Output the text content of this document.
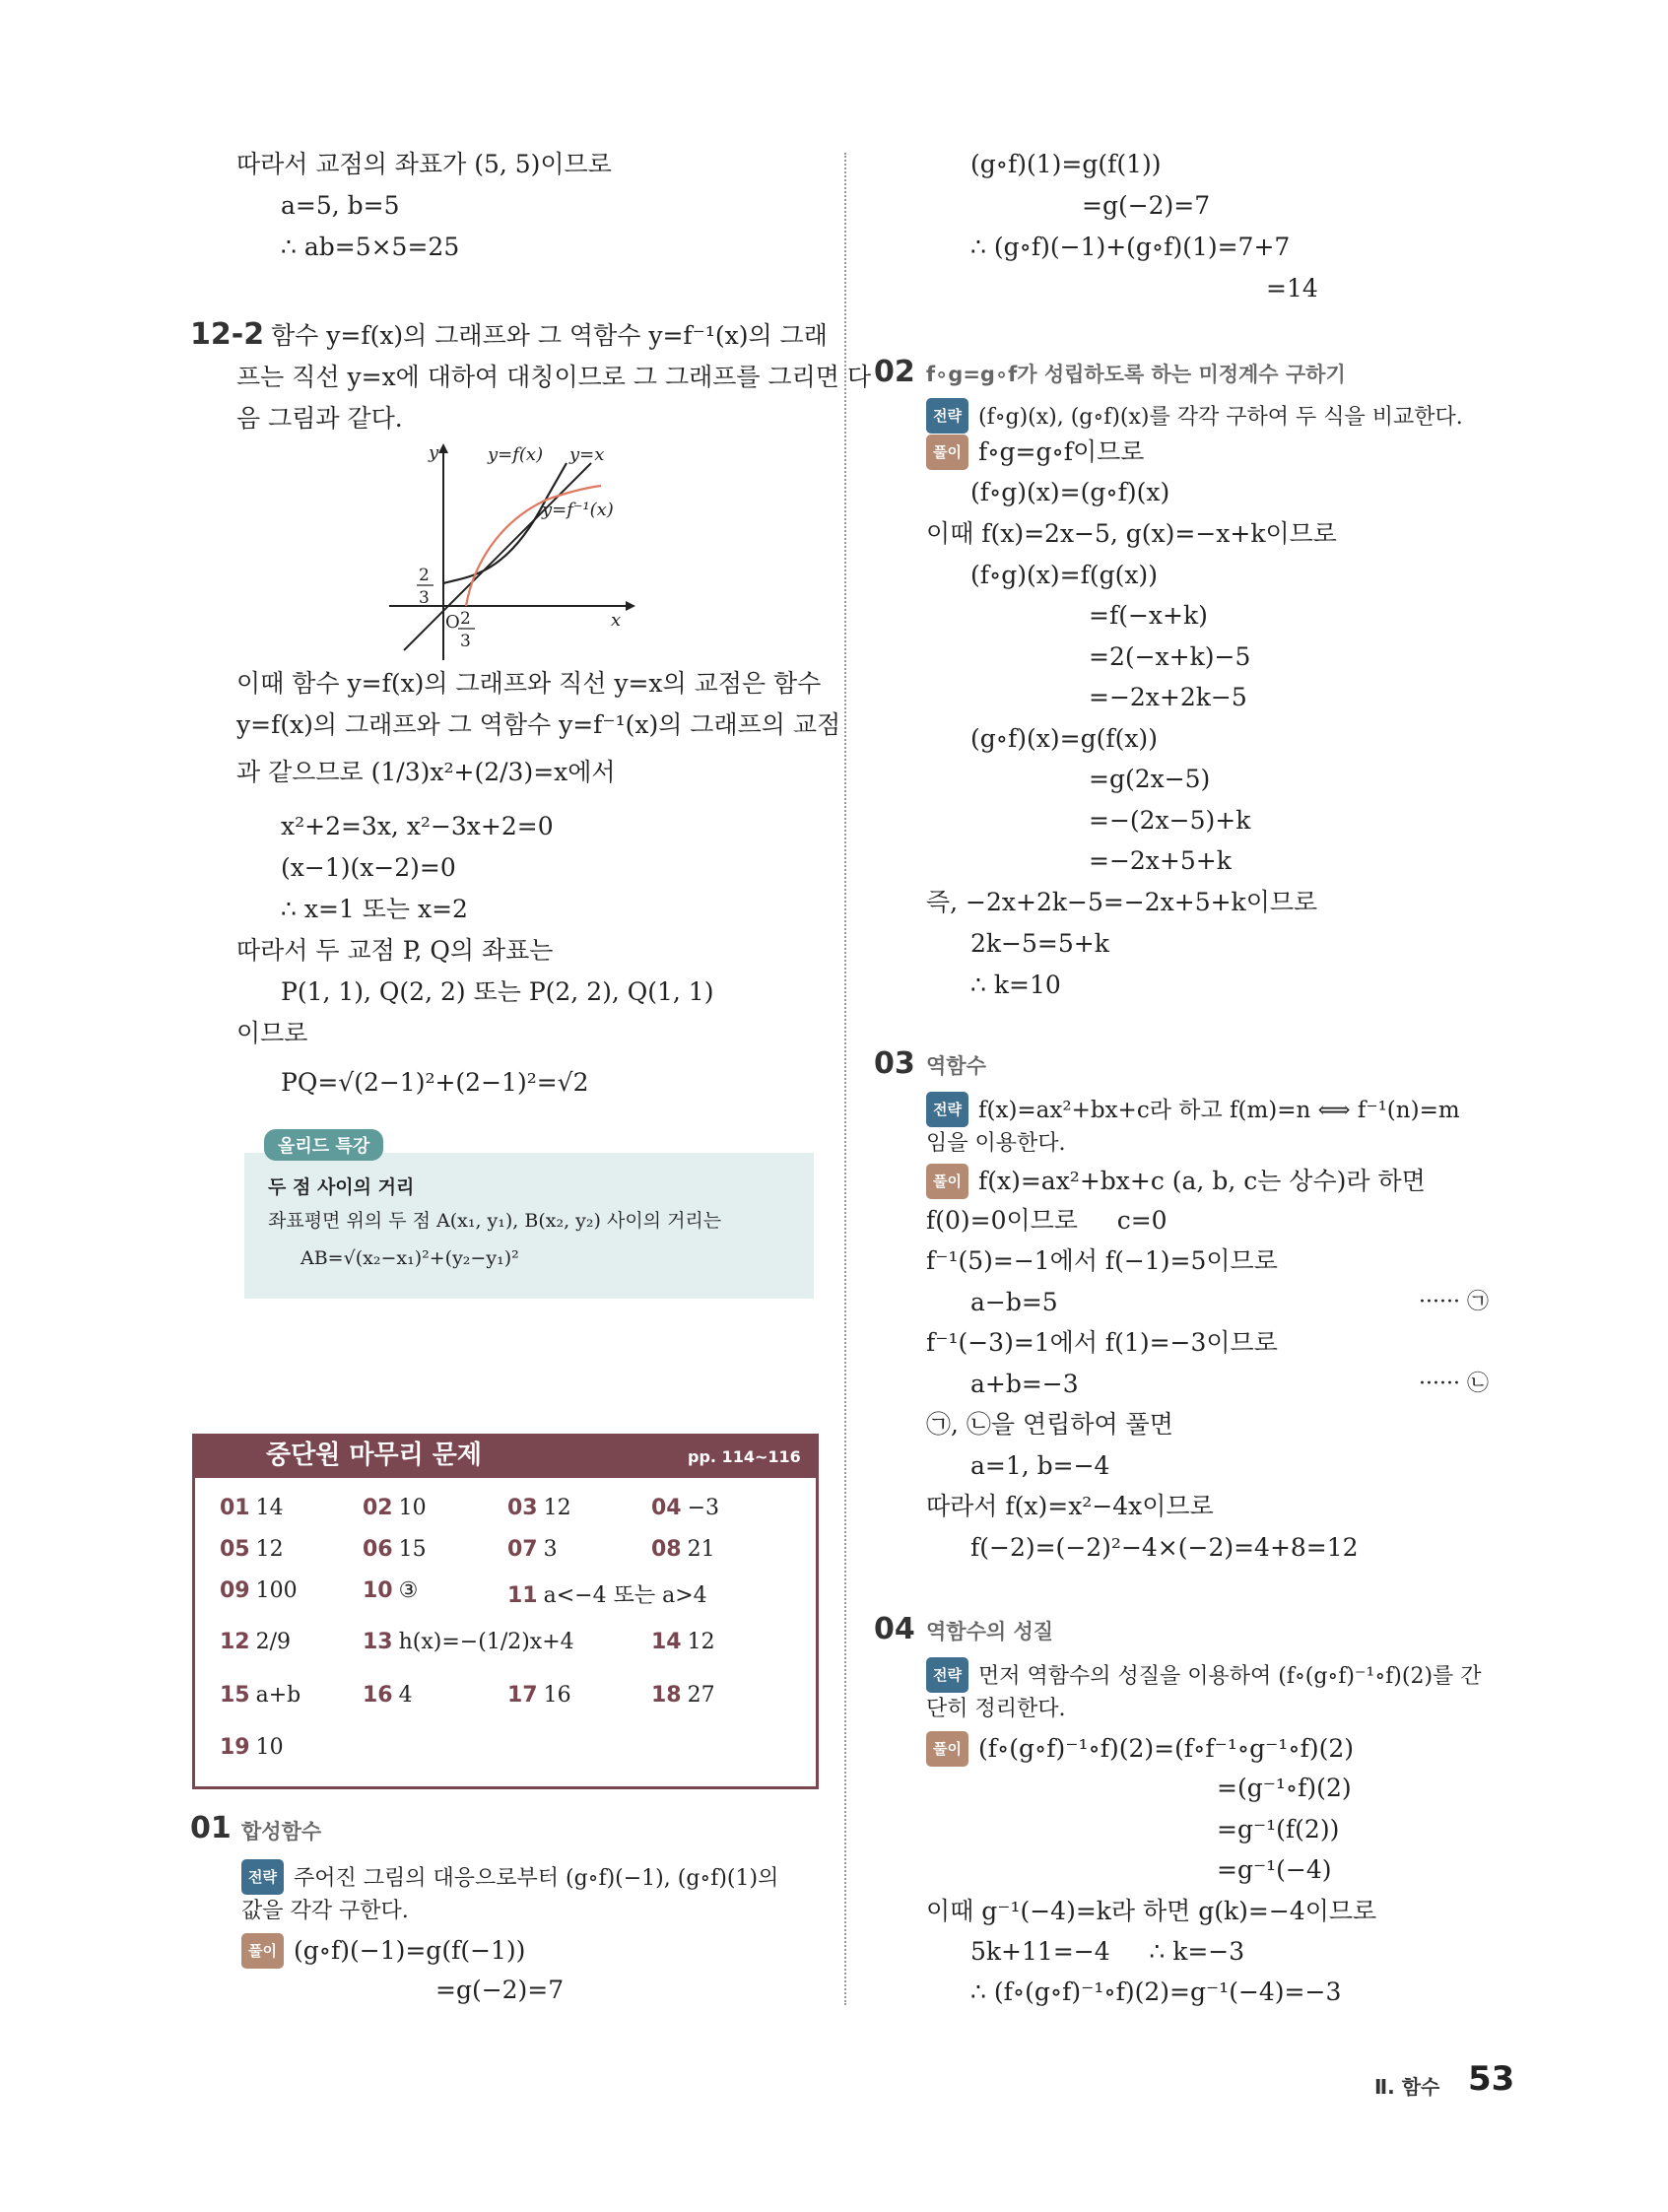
따라서 교점의 좌표가 (5, 5)이므로
a=5, b=5
∴ ab=5×5=25
12-2 함수 y=f(x)의 그래프와 그 역함수 y=f⁻¹(x)의 그래
프는 직선 y=x에 대하여 대칭이므로 그 그래프를 그리면 다
음 그림과 같다.
y
x
O
y=f(x) y=x
y=f⁻¹(x)
2
3
2
3
이때 함수 y=f(x)의 그래프와 직선 y=x의 교점은 함수
y=f(x)의 그래프와 그 역함수 y=f⁻¹(x)의 그래프의 교점
과 같으므로 (1/3)x²+(2/3)=x에서
x²+2=3x, x²−3x+2=0
(x−1)(x−2)=0
∴ x=1 또는 x=2
따라서 두 교점 P, Q의 좌표는
P(1, 1), Q(2, 2) 또는 P(2, 2), Q(1, 1)
이므로
PQ=√(2−1)²+(2−1)²=√2
올리드 특강
두 점 사이의 거리
좌표평면 위의 두 점 A(x₁, y₁), B(x₂, y₂) 사이의 거리는
AB=√(x₂−x₁)²+(y₂−y₁)²
중단원 마무리 문제	pp. 114~116
01 14	02 10	03 12	04 −3
05 12	06 15	07 3	08 21
09 100	10 ③	11 a<−4 또는 a>4
12 2/9	13 h(x)=−(1/2)x+4	14 12
15 a+b	16 4	17 16	18 27
19 10
01 합성함수
전략 주어진 그림의 대응으로부터 (g∘f)(−1), (g∘f)(1)의
값을 각각 구한다.
풀이 (g∘f)(−1)=g(f(−1))
=g(−2)=7
(g∘f)(1)=g(f(1))
=g(−2)=7
∴ (g∘f)(−1)+(g∘f)(1)=7+7
=14
02 f∘g=g∘f가 성립하도록 하는 미정계수 구하기
전략 (f∘g)(x), (g∘f)(x)를 각각 구하여 두 식을 비교한다.
풀이 f∘g=g∘f이므로
(f∘g)(x)=(g∘f)(x)
이때 f(x)=2x−5, g(x)=−x+k이므로
(f∘g)(x)=f(g(x))
=f(−x+k)
=2(−x+k)−5
=−2x+2k−5
(g∘f)(x)=g(f(x))
=g(2x−5)
=−(2x−5)+k
=−2x+5+k
즉, −2x+2k−5=−2x+5+k이므로
2k−5=5+k
∴ k=10
03 역함수
전략 f(x)=ax²+bx+c라 하고 f(m)=n ⟺ f⁻¹(n)=m
임을 이용한다.
풀이 f(x)=ax²+bx+c (a, b, c는 상수)라 하면
f(0)=0이므로     c=0
f⁻¹(5)=−1에서 f(−1)=5이므로
a−b=5	······ ㉠
f⁻¹(−3)=1에서 f(1)=−3이므로
a+b=−3	······ ㉡
㉠, ㉡을 연립하여 풀면
a=1, b=−4
따라서 f(x)=x²−4x이므로
f(−2)=(−2)²−4×(−2)=4+8=12
04 역함수의 성질
전략 먼저 역함수의 성질을 이용하여 (f∘(g∘f)⁻¹∘f)(2)를 간
단히 정리한다.
풀이 (f∘(g∘f)⁻¹∘f)(2)=(f∘f⁻¹∘g⁻¹∘f)(2)
=(g⁻¹∘f)(2)
=g⁻¹(f(2))
=g⁻¹(−4)
이때 g⁻¹(−4)=k라 하면 g(k)=−4이므로
5k+11=−4     ∴ k=−3
∴ (f∘(g∘f)⁻¹∘f)(2)=g⁻¹(−4)=−3
Ⅱ. 함수 53
